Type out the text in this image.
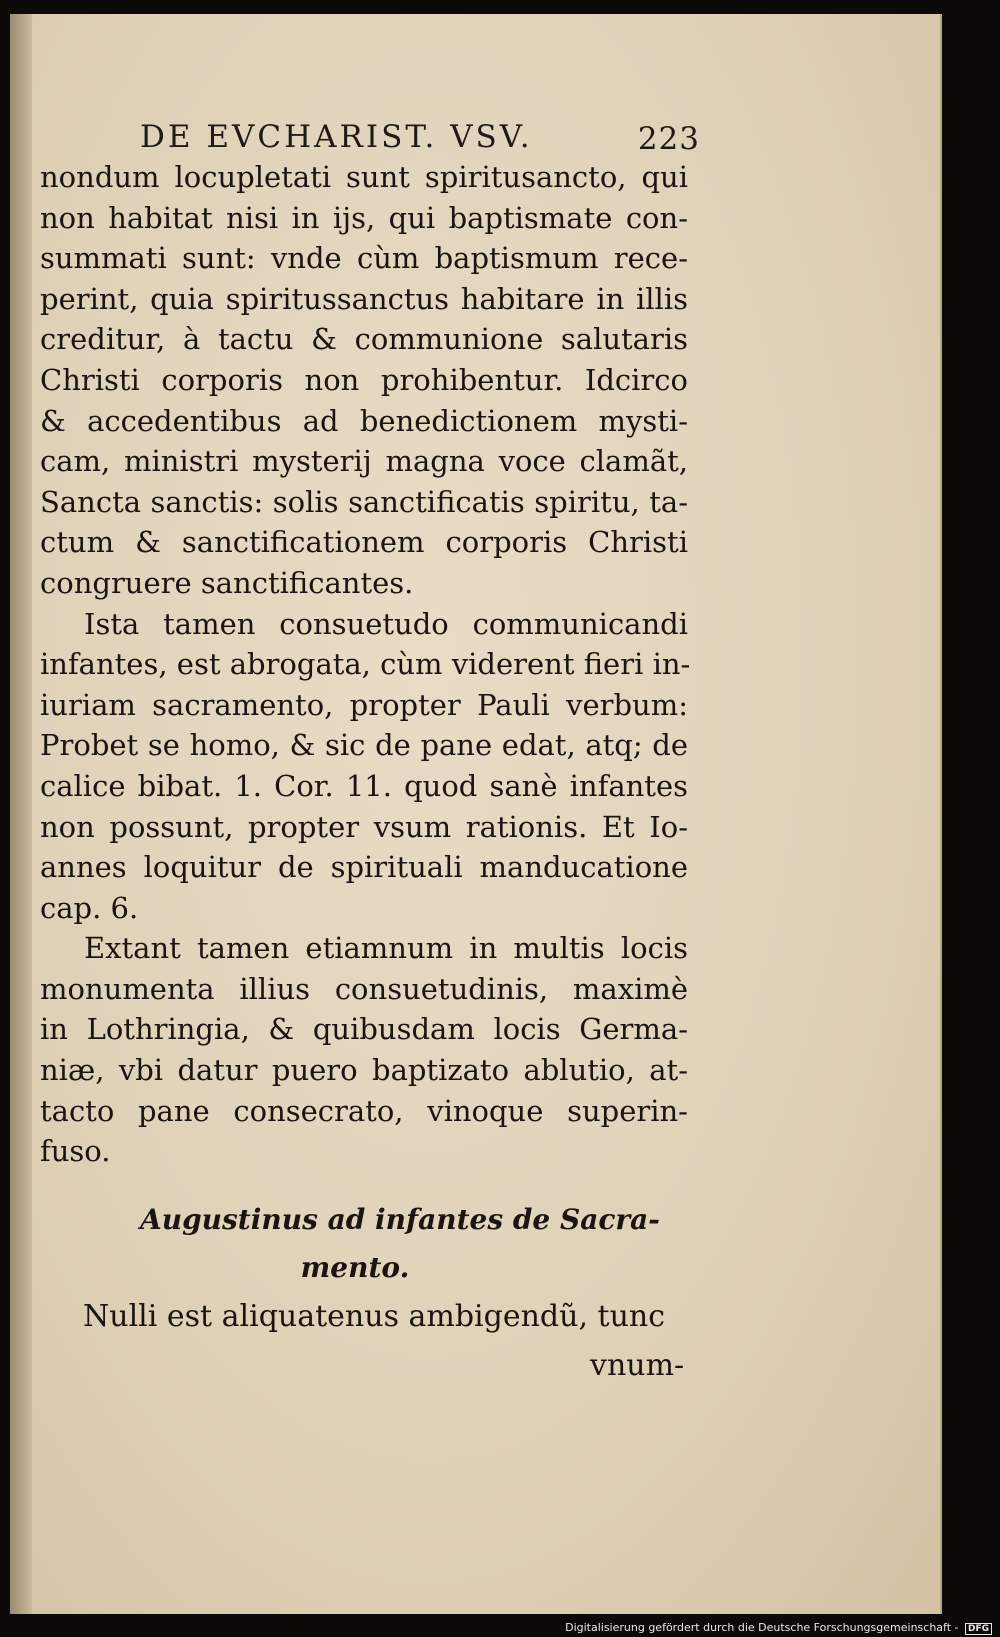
DE EVCHARIST. VSV.	223
nondum locupletati sunt spiritusancto, qui
non habitat nisi in ijs, qui baptismate con-
summati sunt: vnde cùm baptismum rece-
perint, quia spiritussanctus habitare in illis
creditur, à tactu & communione salutaris
Christi corporis non prohibentur. Idcirco
& accedentibus ad benedictionem mysti-
cam, ministri mysterij magna voce clamãt,
Sancta sanctis: solis sanctificatis spiritu, ta-
ctum & sanctificationem corporis Christi
congruere sanctificantes.
Ista tamen consuetudo communicandi
infantes, est abrogata, cùm viderent fieri in-
iuriam sacramento, propter Pauli verbum:
Probet se homo, & sic de pane edat, atq; de
calice bibat. 1. Cor. 11. quod sanè infantes
non possunt, propter vsum rationis. Et Io-
annes loquitur de spirituali manducatione
cap. 6.
Extant tamen etiamnum in multis locis
monumenta illius consuetudinis, maximè
in Lothringia, & quibusdam locis Germa-
niæ, vbi datur puero baptizato ablutio, at-
tacto pane consecrato, vinoque superin-
fuso.
Augustinus ad infantes de Sacra-
mento.
Nulli est aliquatenus ambigendũ, tunc
vnum-
Digitalisierung gefördert durch die Deutsche Forschungsgemeinschaft - DFG
